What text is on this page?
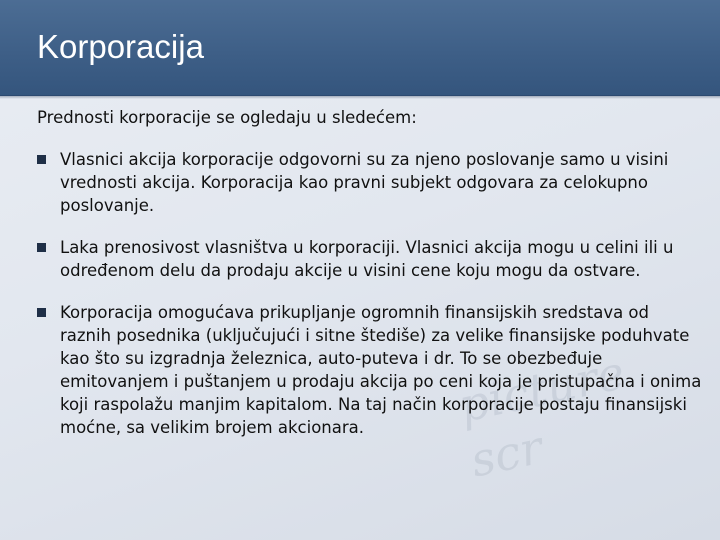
picture
scr
Korporacija

Prednosti korporacije se ogledaju u sledećem:

Vlasnici akcija korporacije odgovorni su za njeno poslovanje samo u visini vrednosti akcija. Korporacija kao pravni subjekt odgovara za celokupno poslovanje.
Laka prenosivost vlasništva u korporaciji. Vlasnici akcija mogu u celini ili u određenom delu da prodaju akcije u visini cene koju mogu da ostvare.
Korporacija omogućava prikupljanje ogromnih finansijskih sredstava od raznih posednika (uključujući i sitne štediše) za velike finansijske poduhvate kao što su izgradnja železnica, auto-puteva i dr. To se obezbeđuje emitovanjem i puštanjem u prodaju akcija po ceni koja je pristupačna i onima koji raspolažu manjim kapitalom. Na taj način korporacije postaju finansijski moćne, sa velikim brojem akcionara.
